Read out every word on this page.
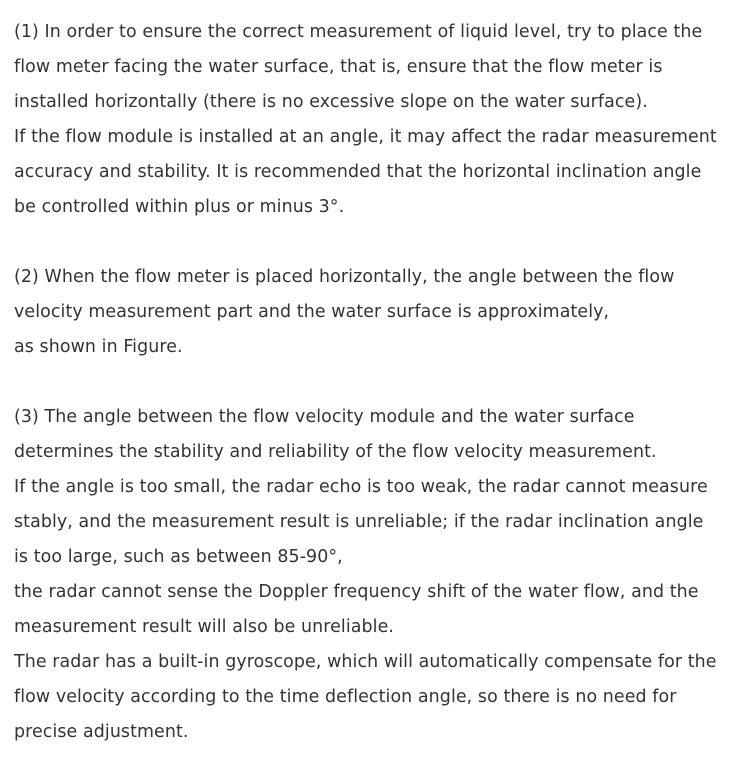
(1) In order to ensure the correct measurement of liquid level, try to place the
flow meter facing the water surface, that is, ensure that the flow meter is
installed horizontally (there is no excessive slope on the water surface).
If the flow module is installed at an angle, it may affect the radar measurement
accuracy and stability. It is recommended that the horizontal inclination angle
be controlled within plus or minus 3°.

(2) When the flow meter is placed horizontally, the angle between the flow
velocity measurement part and the water surface is approximately,
as shown in Figure.

(3) The angle between the flow velocity module and the water surface
determines the stability and reliability of the flow velocity measurement.
If the angle is too small, the radar echo is too weak, the radar cannot measure
stably, and the measurement result is unreliable; if the radar inclination angle
is too large, such as between 85-90°,
the radar cannot sense the Doppler frequency shift of the water flow, and the
measurement result will also be unreliable.
The radar has a built-in gyroscope, which will automatically compensate for the
flow velocity according to the time deflection angle, so there is no need for
precise adjustment.
